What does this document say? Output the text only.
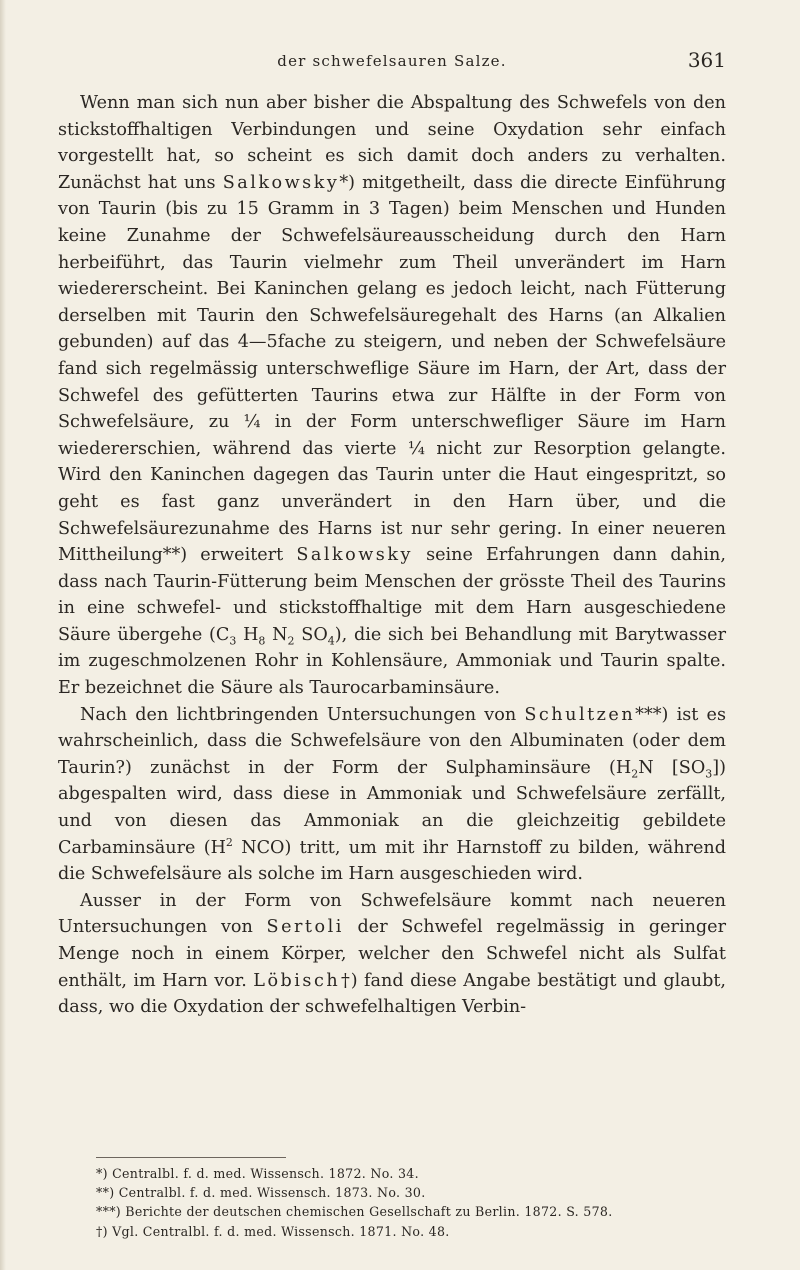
der schwefelsauren Salze.	361

Wenn man sich nun aber bisher die Abspaltung des Schwefels von den stickstoffhaltigen Verbindungen und seine Oxydation sehr einfach vorgestellt hat, so scheint es sich damit doch anders zu verhalten. Zunächst hat uns Salkowsky*) mitgetheilt, dass die directe Einführung von Taurin (bis zu 15 Gramm in 3 Tagen) beim Menschen und Hunden keine Zunahme der Schwefelsäureausscheidung durch den Harn herbeiführt, das Taurin vielmehr zum Theil unverändert im Harn wiedererscheint. Bei Kaninchen gelang es jedoch leicht, nach Fütterung derselben mit Taurin den Schwefelsäuregehalt des Harns (an Alkalien gebunden) auf das 4—5fache zu steigern, und neben der Schwefelsäure fand sich regelmässig unterschweflige Säure im Harn, der Art, dass der Schwefel des gefütterten Taurins etwa zur Hälfte in der Form von Schwefelsäure, zu ¼ in der Form unterschwefliger Säure im Harn wiedererschien, während das vierte ¼ nicht zur Resorption gelangte. Wird den Kaninchen dagegen das Taurin unter die Haut eingespritzt, so geht es fast ganz unverändert in den Harn über, und die Schwefelsäurezunahme des Harns ist nur sehr gering. In einer neueren Mittheilung**) erweitert Salkowsky seine Erfahrungen dann dahin, dass nach Taurin-Fütterung beim Menschen der grösste Theil des Taurins in eine schwefel- und stickstoffhaltige mit dem Harn ausgeschiedene Säure übergehe ($C_3$ $H_8$ $N_2$ $SO_4$), die sich bei Behandlung mit Barytwasser im zugeschmolzenen Rohr in Kohlensäure, Ammoniak und Taurin spalte. Er bezeichnet die Säure als Taurocarbaminsäure.

Nach den lichtbringenden Untersuchungen von Schultzen***) ist es wahrscheinlich, dass die Schwefelsäure von den Albuminaten (oder dem Taurin?) zunächst in der Form der Sulphaminsäure ($H_2N$ $[SO_3]$) abgespalten wird, dass diese in Ammoniak und Schwefelsäure zerfällt, und von diesen das Ammoniak an die gleichzeitig gebildete Carbaminsäure ($H^2$ NCO) tritt, um mit ihr Harnstoff zu bilden, während die Schwefelsäure als solche im Harn ausgeschieden wird.

Ausser in der Form von Schwefelsäure kommt nach neueren Untersuchungen von Sertoli der Schwefel regelmässig in geringer Menge noch in einem Körper, welcher den Schwefel nicht als Sulfat enthält, im Harn vor. Löbisch†) fand diese Angabe bestätigt und glaubt, dass, wo die Oxydation der schwefelhaltigen Verbin-

*) Centralbl. f. d. med. Wissensch. 1872. No. 34.
**) Centralbl. f. d. med. Wissensch. 1873. No. 30.
***) Berichte der deutschen chemischen Gesellschaft zu Berlin. 1872. S. 578.
†) Vgl. Centralbl. f. d. med. Wissensch. 1871. No. 48.
